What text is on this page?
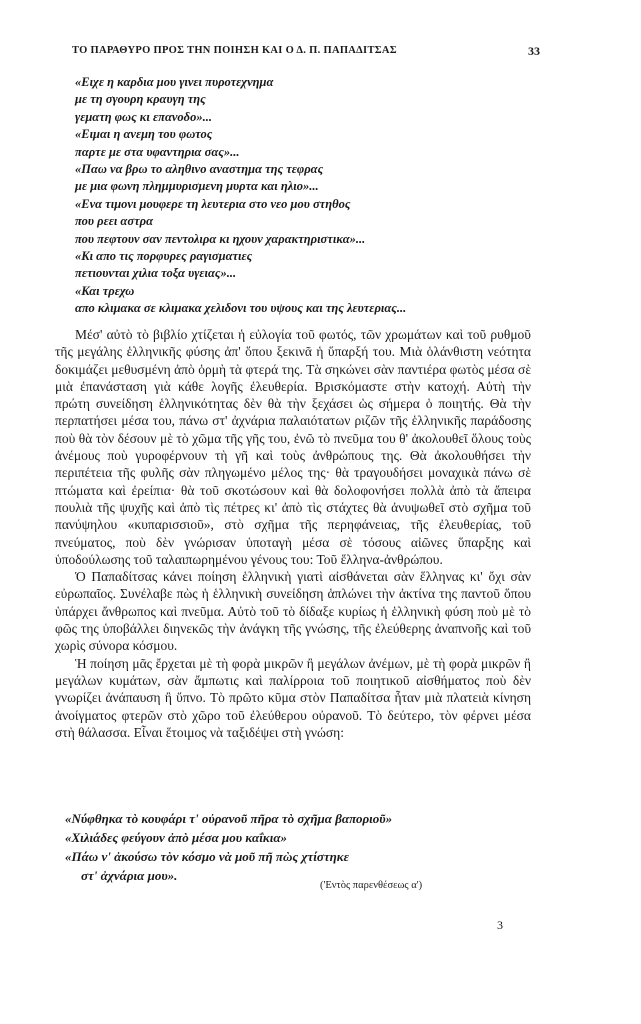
ΤΟ ΠΑΡΑΘΥΡΟ ΠΡΟΣ ΤΗΝ ΠΟΙΗΣΗ ΚΑΙ Ο Δ. Π. ΠΑΠΑΔΙΤΣΑΣ	33
«Ειχε η καρδια μου γινει πυροτεχνημα
με τη σγουρη κραυγη της
γεματη φως κι επανοδο»...
«Ειμαι η ανεμη του φωτος
παρτε με στα υφαντηρια σας»...
«Παω να βρω το αληθινο αναστημα της τεφρας
με μια φωνη πλημμυρισμενη μυρτα και ηλιο»...
«Ενα τιμονι μουφερε τη λευτερια στο νεο μου στηθος
που ρεει αστρα
που πεφτουν σαν πεντολιρα κι ηχουν χαρακτηριστικα»...
«Κι απο τις πορφυρες ραγισματιες
πετιουνται χιλια τοξα υγειας»...
«Και τρεχω
απο κλιμακα σε κλιμακα χελιδονι του υψους και της λευτεριας...

Μέσ' αὐτὸ τὸ βιβλίο χτίζεται ἡ εὐλογία τοῦ φωτός, τῶν χρωμάτων καὶ τοῦ ρυθμοῦ τῆς μεγάλης ἑλληνικῆς φύσης ἀπ' ὅπου ξεκινᾶ ἡ ὕπαρξή του. Μιὰ ὁλάνθιστη νεότητα δοκιμάζει μεθυσμένη ἀπὸ ὁρμὴ τὰ φτερά της. Τὰ σηκώνει σὰν παντιέρα φωτὸς μέσα σὲ μιὰ ἐπανάσταση γιὰ κάθε λογῆς ἐλευθερία. Βρισκόμαστε στὴν κατοχή. Αὐτὴ τὴν πρώτη συνείδηση ἑλληνικότητας δὲν θὰ τὴν ξεχάσει ὡς σήμερα ὁ ποιητής. Θὰ τὴν περπατήσει μέσα του, πάνω στ' ἀχνάρια παλαιότατων ριζῶν τῆς ἑλληνικῆς παράδοσης ποὺ θὰ τὸν δέσουν μὲ τὸ χῶμα τῆς γῆς του, ἐνῶ τὸ πνεῦμα του θ' ἀκολουθεῖ ὅλους τοὺς ἀνέμους ποὺ γυροφέρνουν τὴ γῆ καὶ τοὺς ἀνθρώπους της. Θὰ ἀκολουθήσει τὴν περιπέτεια τῆς φυλῆς σὰν πληγωμένο μέλος της· θὰ τραγουδήσει μοναχικὰ πάνω σὲ πτώματα καὶ ἐρείπια· θὰ τοῦ σκοτώσουν καὶ θὰ δολοφονήσει πολλὰ ἀπὸ τὰ ἄπειρα πουλιὰ τῆς ψυχῆς καὶ ἀπὸ τὶς πέτρες κι' ἀπὸ τὶς στάχτες θὰ ἀνυψωθεῖ στὸ σχῆμα τοῦ πανύψηλου «κυπαρισσιοῦ», στὸ σχῆμα τῆς περηφάνειας, τῆς ἐλευθερίας, τοῦ πνεύματος, ποὺ δὲν γνώρισαν ὑποταγὴ μέσα σὲ τόσους αἰῶνες ὕπαρξης καὶ ὑποδούλωσης τοῦ ταλαιπωρημένου γένους του: Τοῦ ἕλληνα-ἀνθρώπου.

Ὁ Παπαδίτσας κάνει ποίηση ἑλληνικὴ γιατὶ αἰσθάνεται σὰν ἕλληνας κι' ὄχι σὰν εὐρωπαῖος. Συνέλαβε πὼς ἡ ἑλληνικὴ συνείδηση ἁπλώνει τὴν ἀκτίνα της παντοῦ ὅπου ὑπάρχει ἄνθρωπος καὶ πνεῦμα. Αὐτὸ τοῦ τὸ δίδαξε κυρίως ἡ ἑλληνικὴ φύση ποὺ μὲ τὸ φῶς της ὑποβάλλει διηνεκῶς τὴν ἀνάγκη τῆς γνώσης, τῆς ἐλεύθερης ἀναπνοῆς καὶ τοῦ χωρὶς σύνορα κόσμου.

Ἡ ποίηση μᾶς ἔρχεται μὲ τὴ φορὰ μικρῶν ἢ μεγάλων ἀνέμων, μὲ τὴ φορὰ μικρῶν ἢ μεγάλων κυμάτων, σὰν ἄμπωτις καὶ παλίρροια τοῦ ποιητικοῦ αἰσθήματος ποὺ δὲν γνωρίζει ἀνάπαυση ἢ ὕπνο. Τὸ πρῶτο κῦμα στὸν Παπαδίτσα ἦταν μιὰ πλατειὰ κίνηση ἀνοίγματος φτερῶν στὸ χῶρο τοῦ ἐλεύθερου οὐρανοῦ. Τὸ δεύτερο, τὸν φέρνει μέσα στὴ θάλασσα. Εἶναι ἕτοιμος νὰ ταξιδέψει στὴ γνώση:

«Νύφθηκα τὸ κουφάρι τ' οὐρανοῦ πῆρα τὸ σχῆμα βαποριοῦ»
«Χιλιάδες φεύγουν ἀπὸ μέσα μου καΐκια»
«Πάω ν' ἀκούσω τὸν κόσμο νὰ μοῦ πῆ πὼς χτίστηκε
στ' ἀχνάρια μου».
('Εντὸς παρενθέσεως α')
3
